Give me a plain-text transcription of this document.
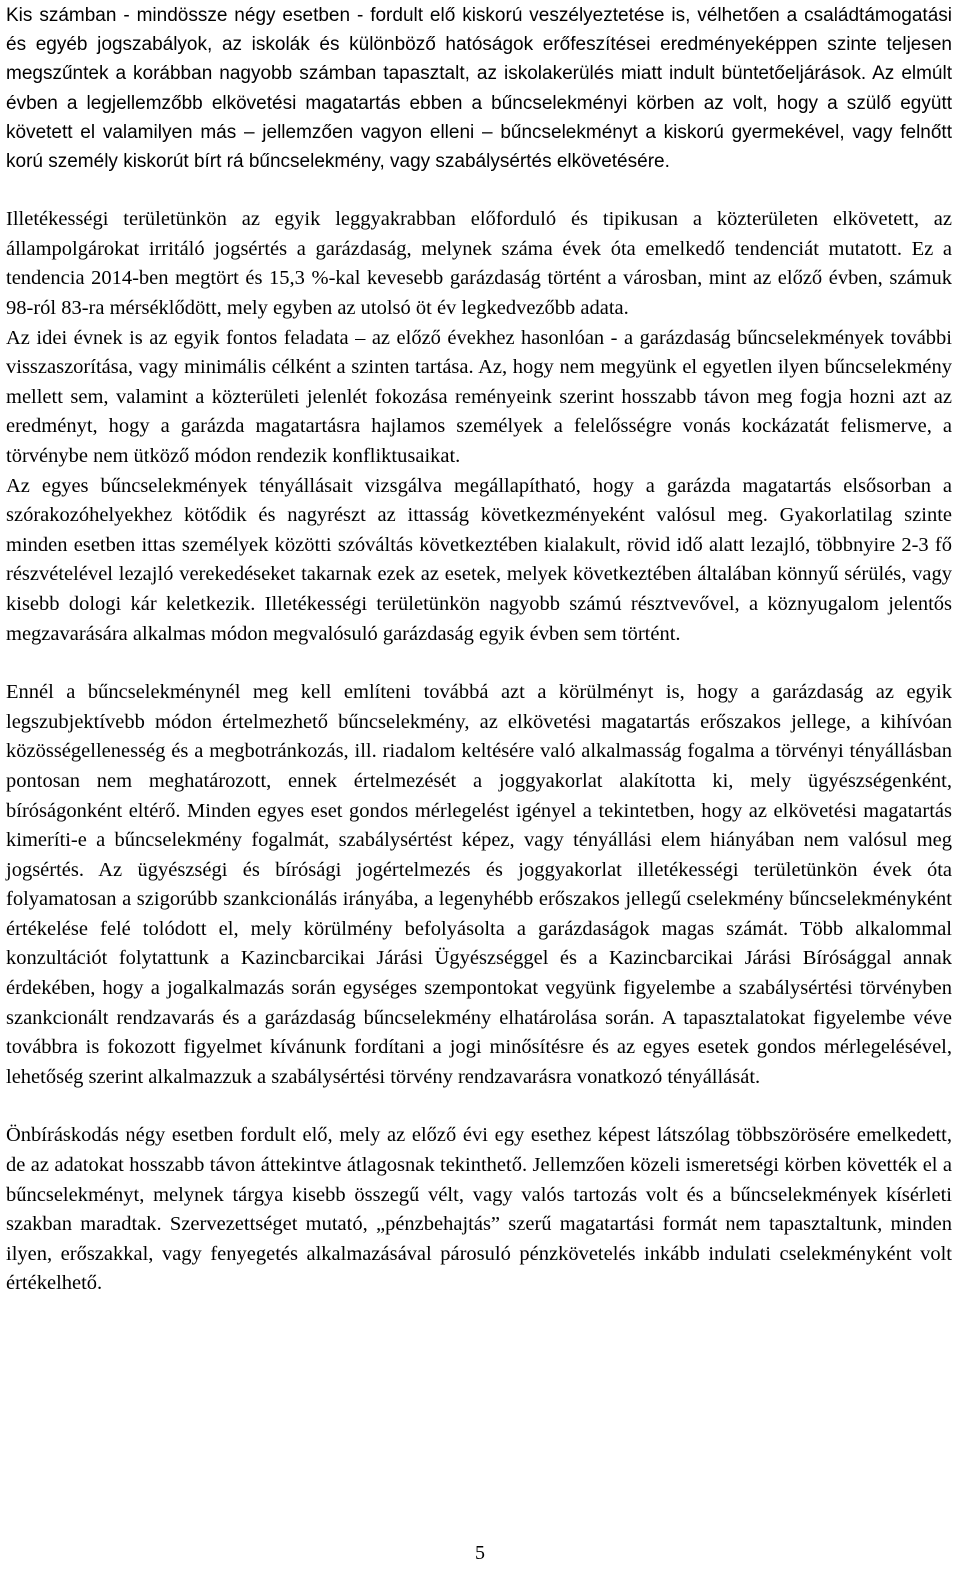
Kis számban - mindössze négy esetben - fordult elő kiskorú veszélyeztetése is, vélhetően a családtámogatási és egyéb jogszabályok, az iskolák és különböző hatóságok erőfeszítései eredményeképpen szinte teljesen megszűntek a korábban nagyobb számban tapasztalt, az iskolakerülés miatt indult büntetőeljárások. Az elmúlt évben a legjellemzőbb elkövetési magatartás ebben a bűncselekményi körben az volt, hogy a szülő együtt követett el valamilyen más – jellemzően vagyon elleni – bűncselekményt a kiskorú gyermekével, vagy felnőtt korú személy kiskorút bírt rá bűncselekmény, vagy szabálysértés elkövetésére.

Illetékességi területünkön az egyik leggyakrabban előforduló és tipikusan a közterületen elkövetett, az állampolgárokat irritáló jogsértés a garázdaság, melynek száma évek óta emelkedő tendenciát mutatott. Ez a tendencia 2014-ben megtört és 15,3 %-kal kevesebb garázdaság történt a városban, mint az előző évben, számuk 98-ról 83-ra mérséklődött, mely egyben az utolsó öt év legkedvezőbb adata.

Az idei évnek is az egyik fontos feladata – az előző évekhez hasonlóan - a garázdaság bűncselekmények további visszaszorítása, vagy minimális célként a szinten tartása. Az, hogy nem megyünk el egyetlen ilyen bűncselekmény mellett sem, valamint a közterületi jelenlét fokozása reményeink szerint hosszabb távon meg fogja hozni azt az eredményt, hogy a garázda magatartásra hajlamos személyek a felelősségre vonás kockázatát felismerve, a törvénybe nem ütköző módon rendezik konfliktusaikat.

Az egyes bűncselekmények tényállásait vizsgálva megállapítható, hogy a garázda magatartás elsősorban a szórakozóhelyekhez kötődik és nagyrészt az ittasság következményeként valósul meg. Gyakorlatilag szinte minden esetben ittas személyek közötti szóváltás következtében kialakult, rövid idő alatt lezajló, többnyire 2-3 fő részvételével lezajló verekedéseket takarnak ezek az esetek, melyek következtében általában könnyű sérülés, vagy kisebb dologi kár keletkezik. Illetékességi területünkön nagyobb számú résztvevővel, a köznyugalom jelentős megzavarására alkalmas módon megvalósuló garázdaság egyik évben sem történt.

Ennél a bűncselekménynél meg kell említeni továbbá azt a körülményt is, hogy a garázdaság az egyik legszubjektívebb módon értelmezhető bűncselekmény, az elkövetési magatartás erőszakos jellege, a kihívóan közösségellenesség és a megbotránkozás, ill. riadalom keltésére való alkalmasság fogalma a törvényi tényállásban pontosan nem meghatározott, ennek értelmezését a joggyakorlat alakította ki, mely ügyészségenként, bíróságonként eltérő. Minden egyes eset gondos mérlegelést igényel a tekintetben, hogy az elkövetési magatartás kimeríti-e a bűncselekmény fogalmát, szabálysértést képez, vagy tényállási elem hiányában nem valósul meg jogsértés. Az ügyészségi és bírósági jogértelmezés és joggyakorlat illetékességi területünkön évek óta folyamatosan a szigorúbb szankcionálás irányába, a legenyhébb erőszakos jellegű cselekmény bűncselekményként értékelése felé tolódott el, mely körülmény befolyásolta a garázdaságok magas számát. Több alkalommal konzultációt folytattunk a Kazincbarcikai Járási Ügyészséggel és a Kazincbarcikai Járási Bírósággal annak érdekében, hogy a jogalkalmazás során egységes szempontokat vegyünk figyelembe a szabálysértési törvényben szankcionált rendzavarás és a garázdaság bűncselekmény elhatárolása során. A tapasztalatokat figyelembe véve továbbra is fokozott figyelmet kívánunk fordítani a jogi minősítésre és az egyes esetek gondos mérlegelésével, lehetőség szerint alkalmazzuk a szabálysértési törvény rendzavarásra vonatkozó tényállását.

Önbíráskodás négy esetben fordult elő, mely az előző évi egy esethez képest látszólag többszörösére emelkedett, de az adatokat hosszabb távon áttekintve átlagosnak tekinthető. Jellemzően közeli ismeretségi körben követték el a bűncselekményt, melynek tárgya kisebb összegű vélt, vagy valós tartozás volt és a bűncselekmények kísérleti szakban maradtak. Szervezettséget mutató, „pénzbehajtás” szerű magatartási formát nem tapasztaltunk, minden ilyen, erőszakkal, vagy fenyegetés alkalmazásával párosuló pénzkövetelés inkább indulati cselekményként volt értékelhető.

5
